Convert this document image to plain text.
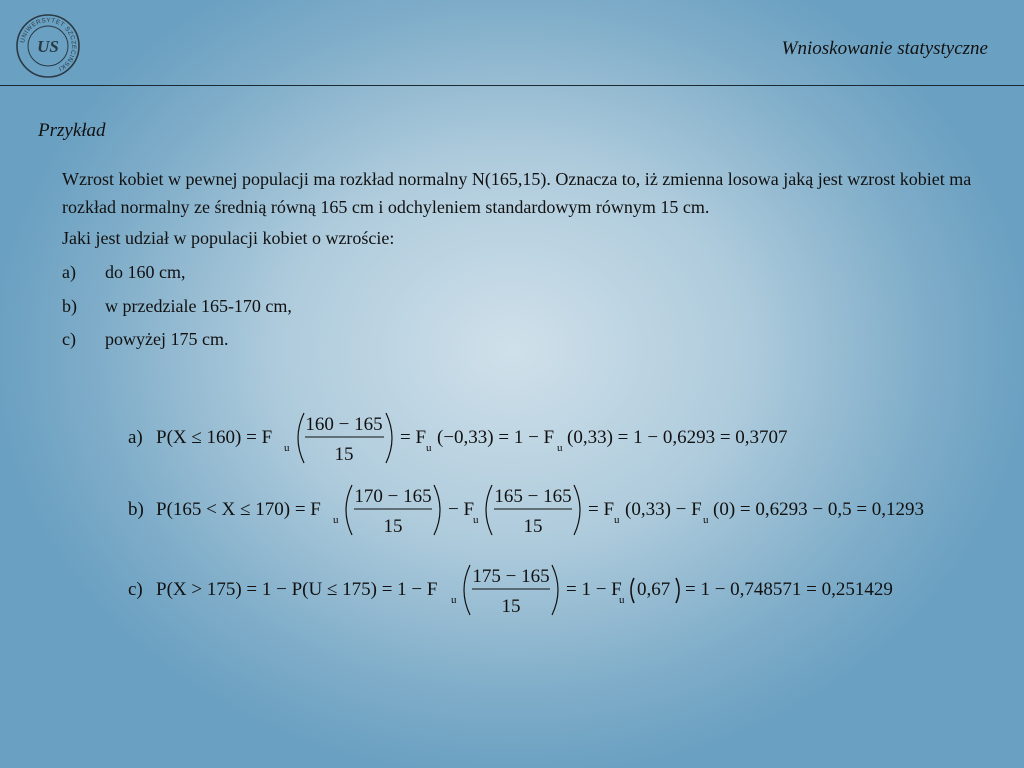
UNIWERSYTET SZCZECIŃSKI
US	Wnioskowanie statystyczne
Przykład
Wzrost kobiet w pewnej populacji ma rozkład normalny N(165,15). Oznacza to, iż zmienna losowa jaką jest wzrost kobiet ma rozkład normalny ze średnią równą 165 cm i odchyleniem standardowym równym 15 cm.
Jaki jest udział w populacji kobiet o wzroście:
a) do 160 cm,
b) w przedziale 165-170 cm,
c) powyżej 175 cm.
a) P(X ≤ 160) = F u
160 − 165
15
= F u (−0,33) = 1 − F u (0,33) = 1 − 0,6293 = 0,3707
b) P(165 < X ≤ 170) = F u
170 − 165
15
− F
u
165 − 165
15
= F u (0,33) − F u (0) = 0,6293 − 0,5 = 0,1293
c) P(X > 175) = 1 − P(U ≤ 175) = 1 − F u
175 − 165
15
= 1 − F
u 0,67 = 1 − 0,748571 = 0,251429
